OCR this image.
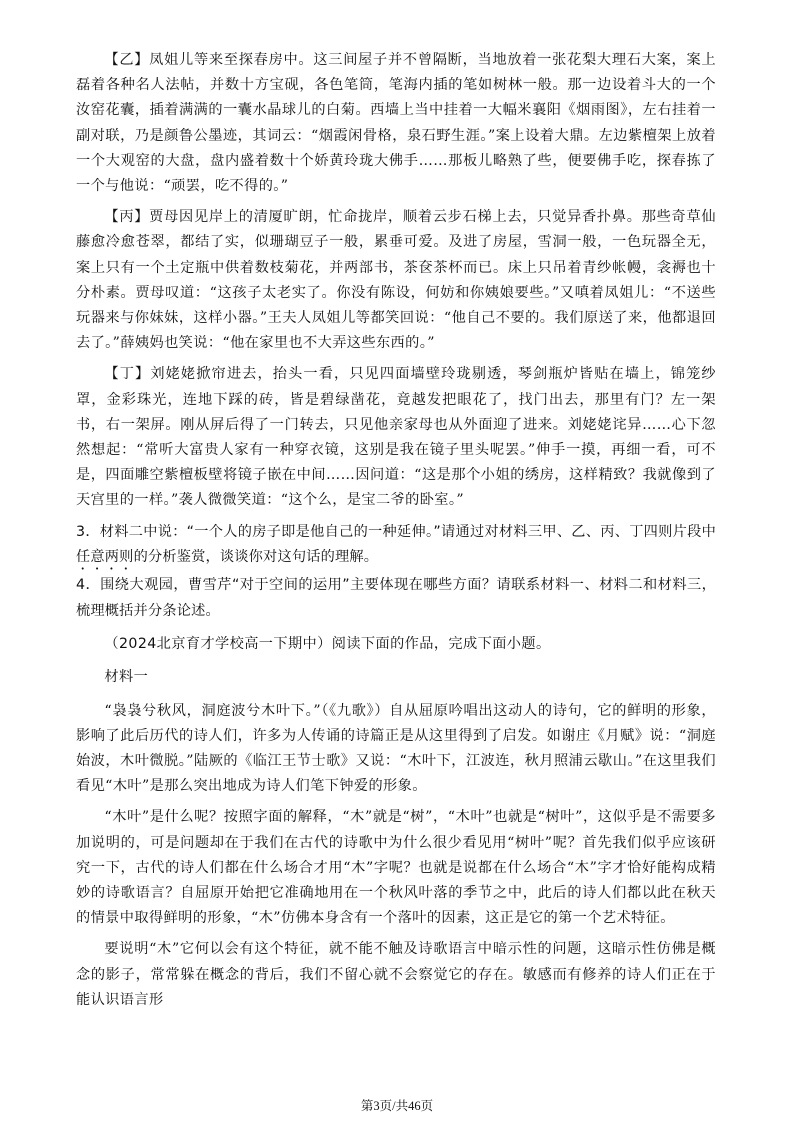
【乙】凤姐儿等来至探春房中。这三间屋子并不曾隔断，当地放着一张花梨大理石大案，案上磊着各种名人法帖，并数十方宝砚，各色笔筒，笔海内插的笔如树林一般。那一边设着斗大的一个汝窑花囊，插着满满的一囊水晶球儿的白菊。西墙上当中挂着一大幅米襄阳《烟雨图》，左右挂着一副对联，乃是颜鲁公墨迹，其词云：“烟霞闲骨格，泉石野生涯。”案上设着大鼎。左边紫檀架上放着一个大观窑的大盘，盘内盛着数十个娇黄玲珑大佛手……那板儿略熟了些，便要佛手吃，探春拣了一个与他说：“顽罢，吃不得的。”

【丙】贾母因见岸上的清厦旷朗，忙命拢岸，顺着云步石梯上去，只觉异香扑鼻。那些奇草仙藤愈冷愈苍翠，都结了实，似珊瑚豆子一般，累垂可爱。及进了房屋，雪洞一般，一色玩器全无，案上只有一个土定瓶中供着数枝菊花，并两部书，茶奁茶杯而已。床上只吊着青纱帐幔，衾褥也十分朴素。贾母叹道：“这孩子太老实了。你没有陈设，何妨和你姨娘要些。”又嗔着凤姐儿：“不送些玩器来与你妹妹，这样小器。”王夫人凤姐儿等都笑回说：“他自己不要的。我们原送了来，他都退回去了。”薛姨妈也笑说：“他在家里也不大弄这些东西的。”

【丁】刘姥姥掀帘进去，抬头一看，只见四面墙壁玲珑剔透，琴剑瓶炉皆贴在墙上，锦笼纱罩，金彩珠光，连地下踩的砖，皆是碧绿凿花，竟越发把眼花了，找门出去，那里有门？左一架书，右一架屏。刚从屏后得了一门转去，只见他亲家母也从外面迎了进来。刘姥姥诧异……心下忽然想起：“常听大富贵人家有一种穿衣镜，这别是我在镜子里头呢罢。”伸手一摸，再细一看，可不是，四面雕空紫檀板壁将镜子嵌在中间……因问道：“这是那个小姐的绣房，这样精致？我就像到了天宫里的一样。”袭人微微笑道：“这个么，是宝二爷的卧室。”

3．材料二中说：“一个人的房子即是他自己的一种延伸。”请通过对材料三甲、乙、丙、丁四则片段中任意两则的分析鉴赏，谈谈你对这句话的理解。

4．围绕大观园，曹雪芹“对于空间的运用”主要体现在哪些方面？请联系材料一、材料二和材料三，梳理概括并分条论述。

（2024北京育才学校高一下期中）阅读下面的作品，完成下面小题。

材料一

“袅袅兮秋风，洞庭波兮木叶下。”（《九歌》）自从屈原吟唱出这动人的诗句，它的鲜明的形象，影响了此后历代的诗人们，许多为人传诵的诗篇正是从这里得到了启发。如谢庄《月赋》说：“洞庭始波，木叶微脱。”陆厥的《临江王节士歌》又说：“木叶下，江波连，秋月照浦云歇山。”在这里我们看见“木叶”是那么突出地成为诗人们笔下钟爱的形象。

“木叶”是什么呢？按照字面的解释，“木”就是“树”，“木叶”也就是“树叶”，这似乎是不需要多加说明的，可是问题却在于我们在古代的诗歌中为什么很少看见用“树叶”呢？首先我们似乎应该研究一下，古代的诗人们都在什么场合才用“木”字呢？也就是说都在什么场合“木”字才恰好能构成精妙的诗歌语言？自屈原开始把它准确地用在一个秋风叶落的季节之中，此后的诗人们都以此在秋天的情景中取得鲜明的形象，“木”仿佛本身含有一个落叶的因素，这正是它的第一个艺术特征。

要说明“木”它何以会有这个特征，就不能不触及诗歌语言中暗示性的问题，这暗示性仿佛是概念的影子，常常躲在概念的背后，我们不留心就不会察觉它的存在。敏感而有修养的诗人们正在于能认识语言形

第3页/共46页
